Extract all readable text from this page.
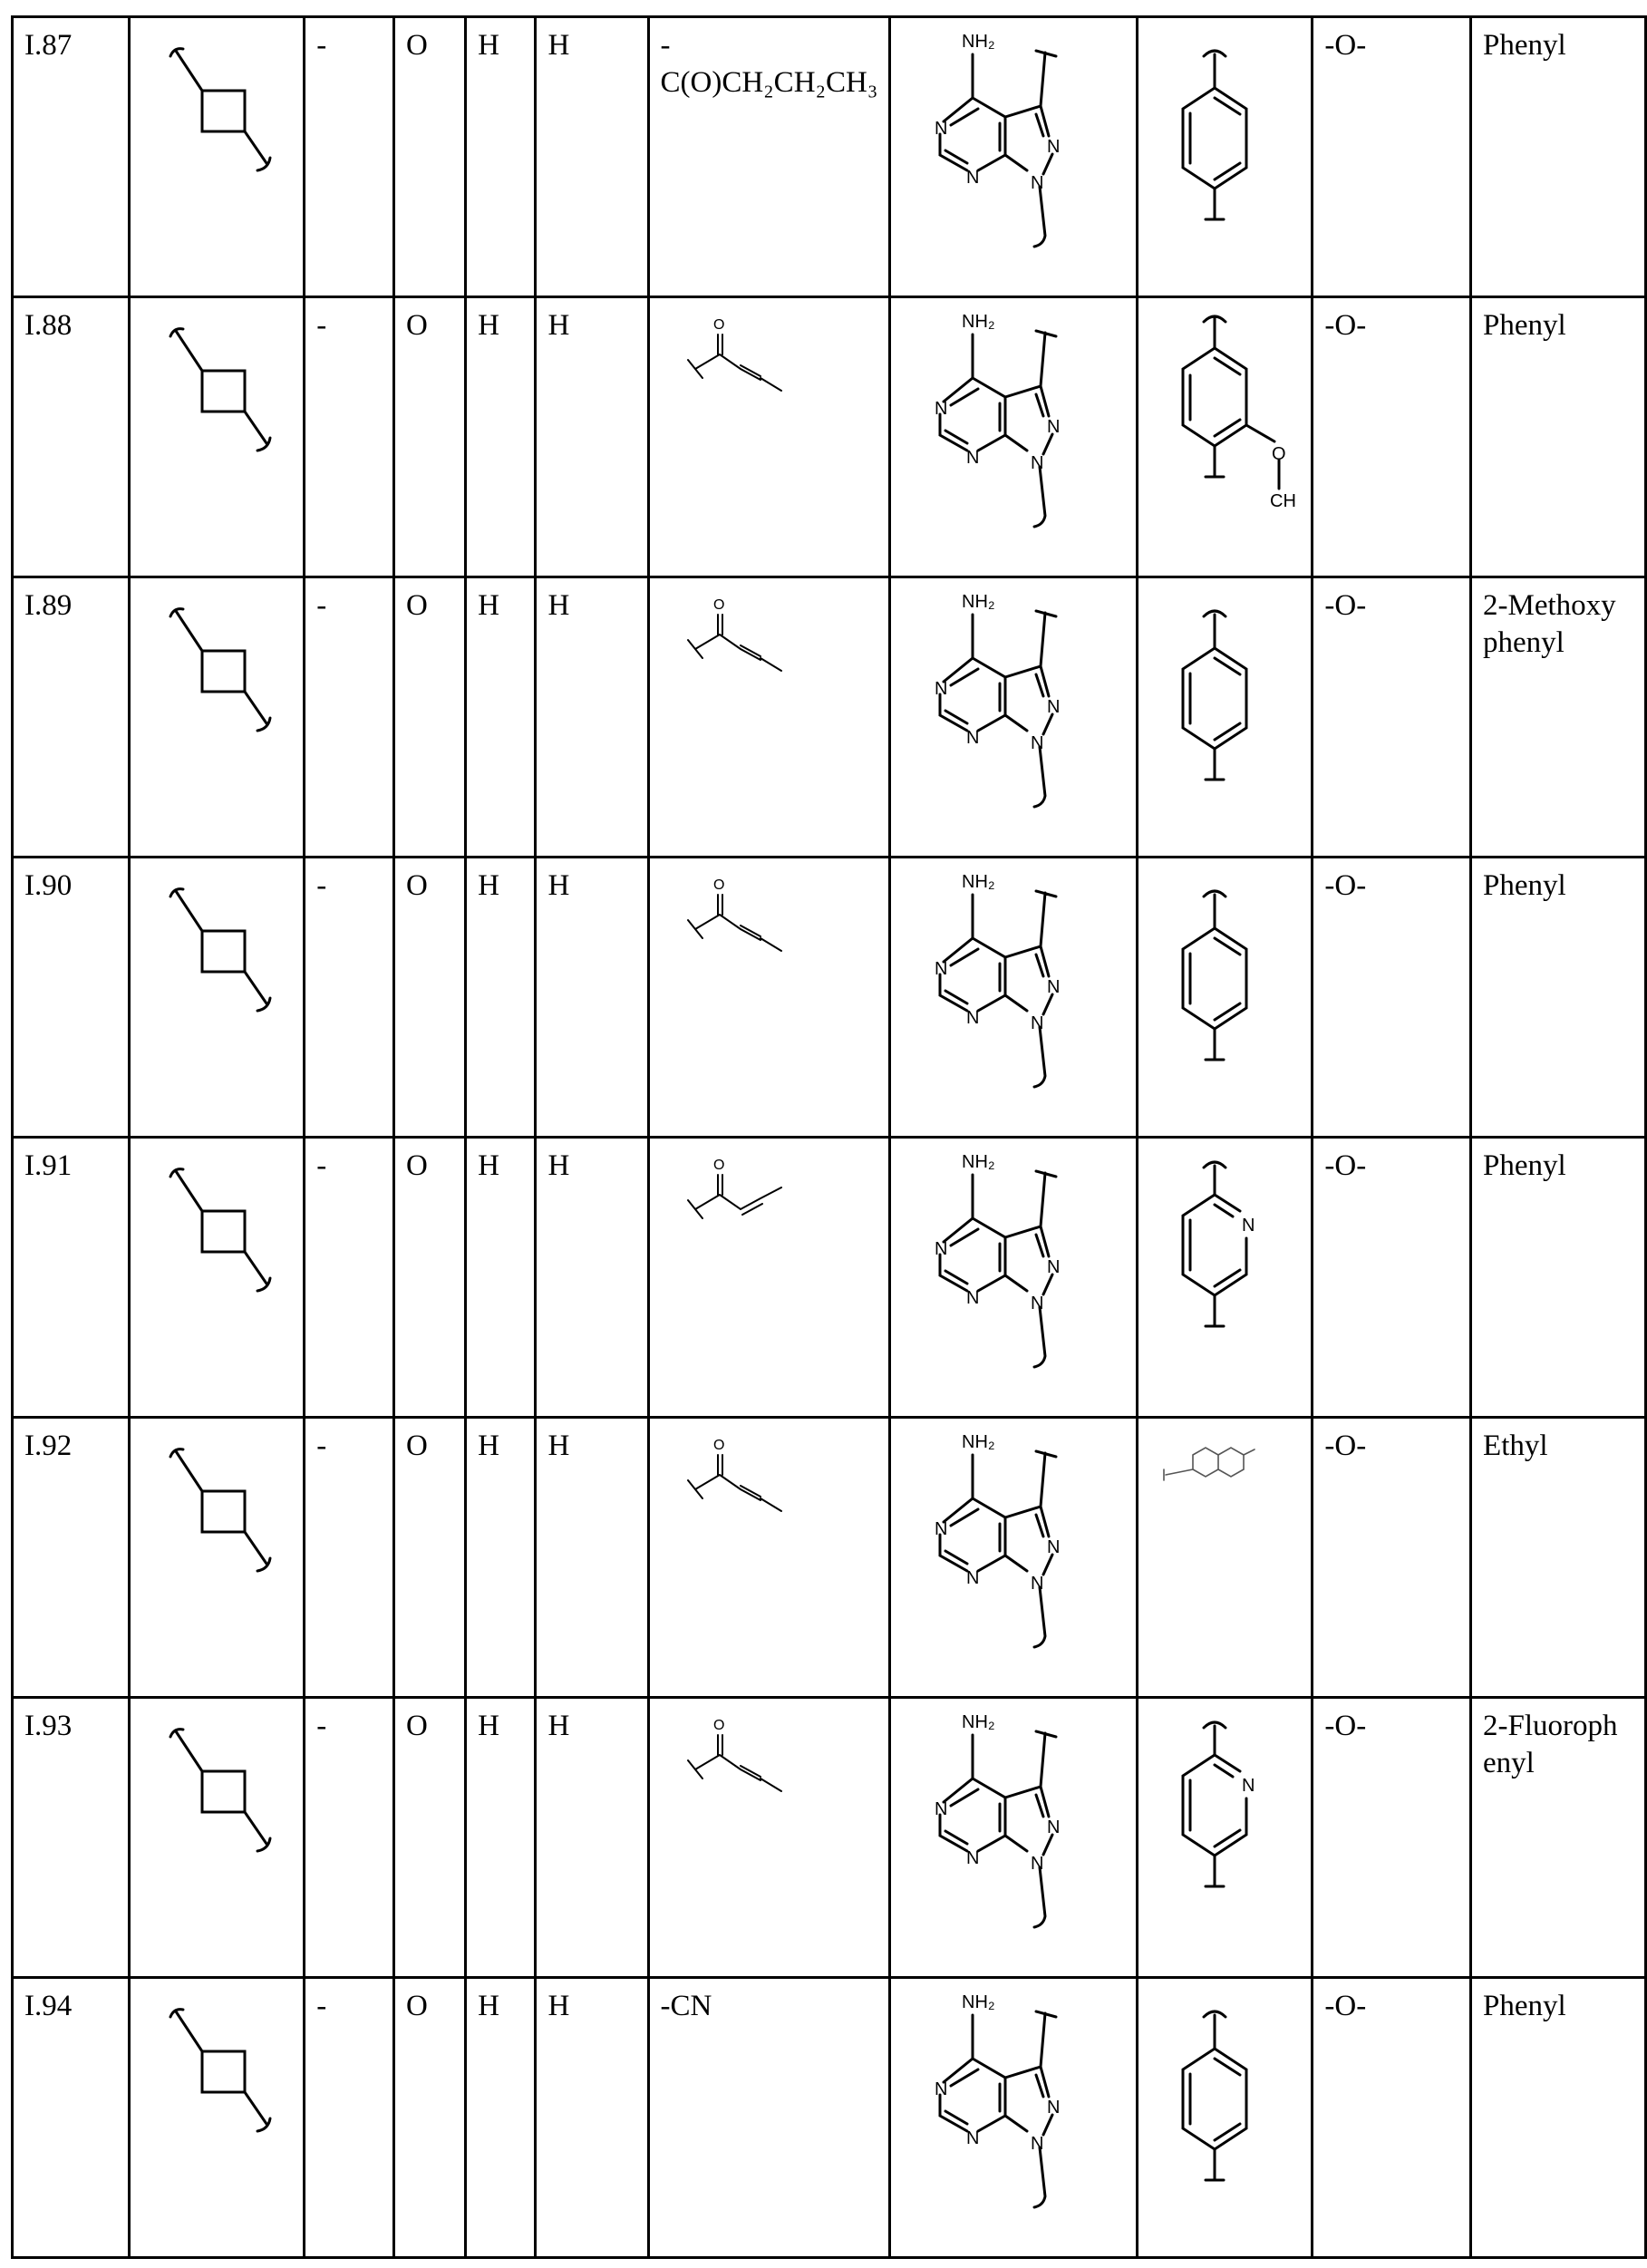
I.87		-	O	H	H	-C(O)CH₂CH₂CH₃	
NH₂
N
N
N
N

	-O-	Phenyl
I.88		-	O	H	H	O	NH₂
N
N
N
N	O
CH
	-O-	Phenyl
I.89		-	O	H	H	O	NH₂
N
N
N
N

	-O-	2-Methoxy phenyl
I.90		-	O	H	H	O	NH₂
N
N
N
N

	-O-	Phenyl
I.91		-	O	H	H	O	NH₂
N
N
N
N

N
	-O-	Phenyl
I.92		-	O	H	H	O	NH₂
N
N
N
N

	-O-	Ethyl
I.93		-	O	H	H	O	NH₂
N
N
N
N

N
	-O-	2-Fluoroph enyl
I.94		-	O	H	H	-CN	NH₂
N
N
N
N

	-O-	Phenyl
